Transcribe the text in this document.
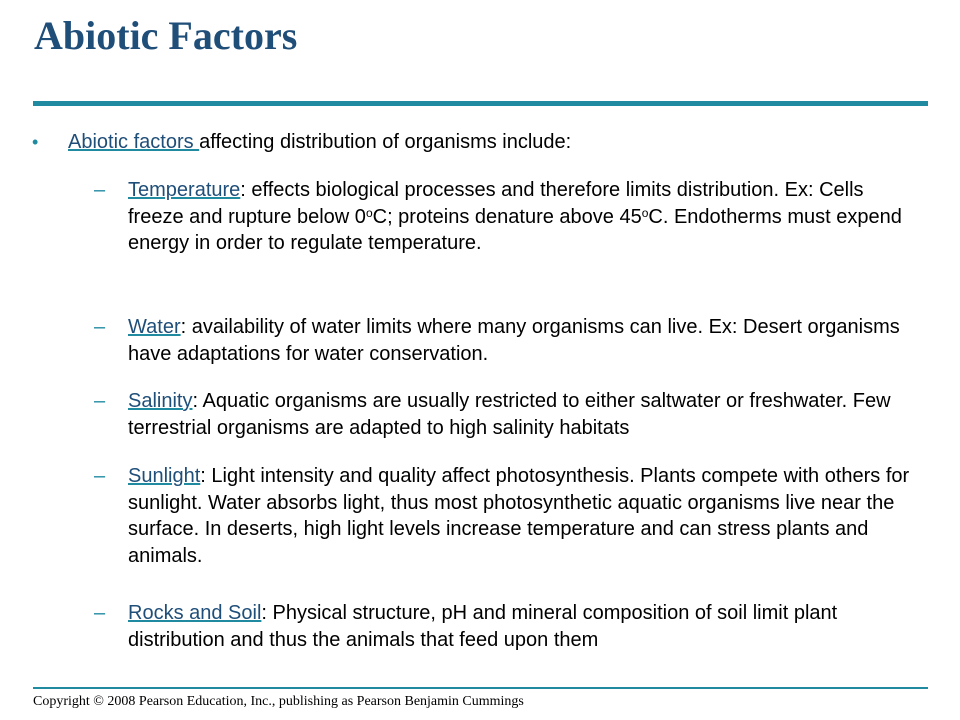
Abiotic Factors
• Abiotic factors affecting distribution of organisms include:
–	Temperature: effects biological processes and therefore limits distribution. Ex: Cells freeze and rupture below 0$^o$C; proteins denature above 45$^o$C. Endotherms must expend energy in order to regulate temperature.
–	Water: availability of water limits where many organisms can live. Ex: Desert organisms have adaptations for water conservation.
–	Salinity: Aquatic organisms are usually restricted to either saltwater or freshwater. Few terrestrial organisms are adapted to high salinity habitats
–	Sunlight: Light intensity and quality affect photosynthesis. Plants compete with others for sunlight. Water absorbs light, thus most photosynthetic aquatic organisms live near the surface. In deserts, high light levels increase temperature and can stress plants and animals.
–	Rocks and Soil: Physical structure, pH and mineral composition of soil limit plant distribution and thus the animals that feed upon them
Copyright © 2008 Pearson Education, Inc., publishing as Pearson Benjamin Cummings
